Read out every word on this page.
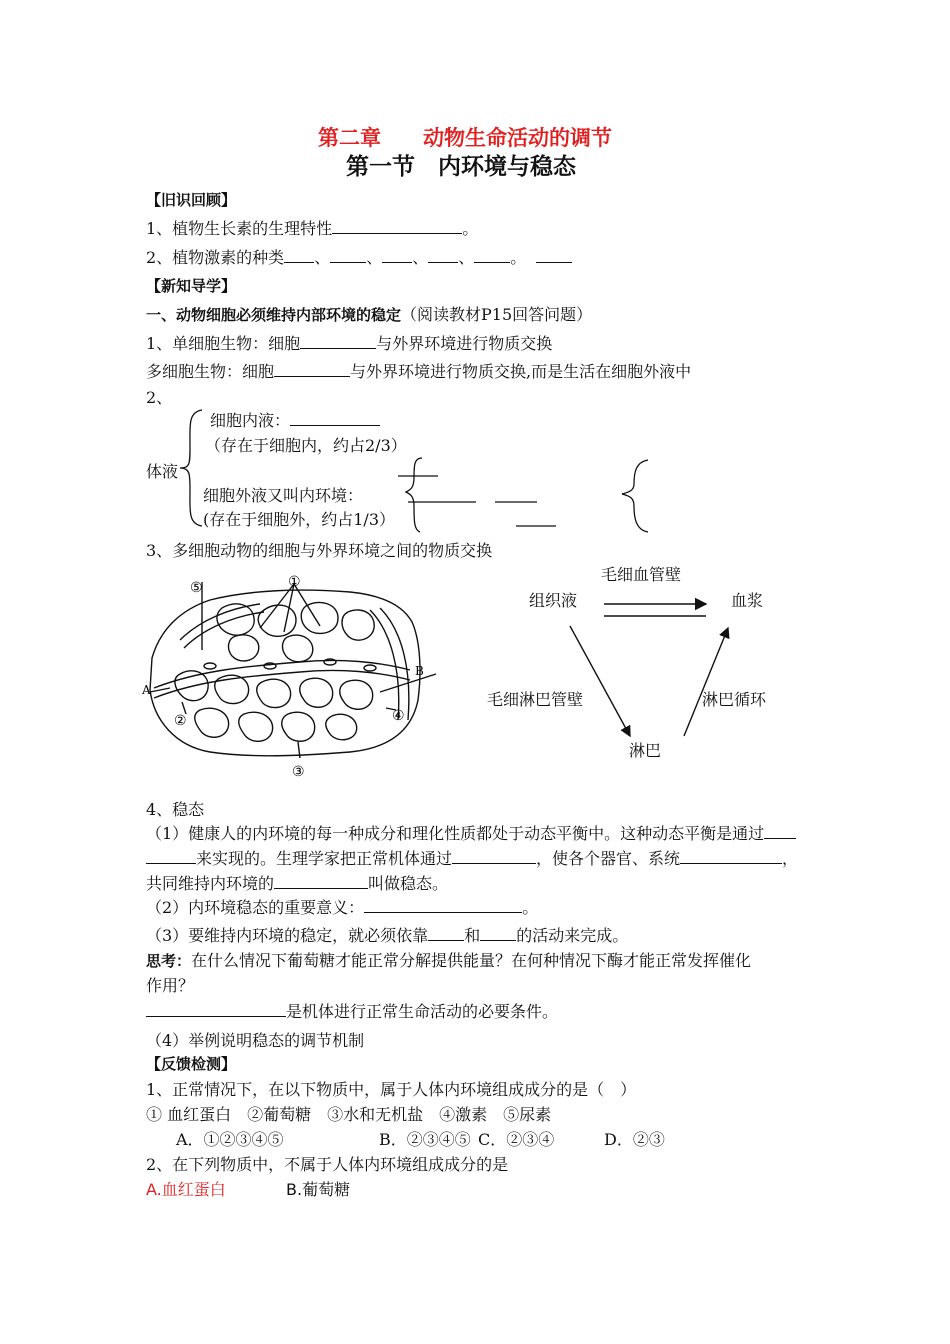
第二章　　动物生命活动的调节
第一节　内环境与稳态
【旧识回顾】
1、植物生长素的生理特性	。
2、植物激素的种类 、 、 、 、 。
【新知导学】
一、动物细胞必须维持内部环境的稳定（阅读教材P15回答问题）
1、单细胞生物：细胞	与外界环境进行物质交换
多细胞生物：细胞	与外界环境进行物质交换,而是生活在细胞外液中
2、
体液
细胞内液：
（存在于细胞内，约占2/3）
细胞外液又叫内环境：
(存在于细胞外，约占1/3）
3、多细胞动物的细胞与外界环境之间的物质交换
①
⑤
B
A
②	④
③
毛细血管壁
组织液	血浆
毛细淋巴管壁	淋巴循环
淋巴
4、稳态
（1）健康人的内环境的每一种成分和理化性质都处于动态平衡中。这种动态平衡是通过
来实现的。生理学家把正常机体通过	，使各个器官、系统	，
共同维持内环境的	叫做稳态。
（2）内环境稳态的重要意义：	。
（3）要维持内环境的稳定，就必须依靠 和 的活动来完成。
思考：在什么情况下葡萄糖才能正常分解提供能量？在何种情况下酶才能正常发挥催化
作用？
是机体进行正常生命活动的必要条件。
（4）举例说明稳态的调节机制
【反馈检测】
1、正常情况下，在以下物质中，属于人体内环境组成成分的是（　）
① 血红蛋白　②葡萄糖　③水和无机盐　④激素　⑤尿素
A．①②③④⑤	B．②③④⑤ C．②③④	D．②③
2、在下列物质中，不属于人体内环境组成成分的是
A.血红蛋白	B.葡萄糖
